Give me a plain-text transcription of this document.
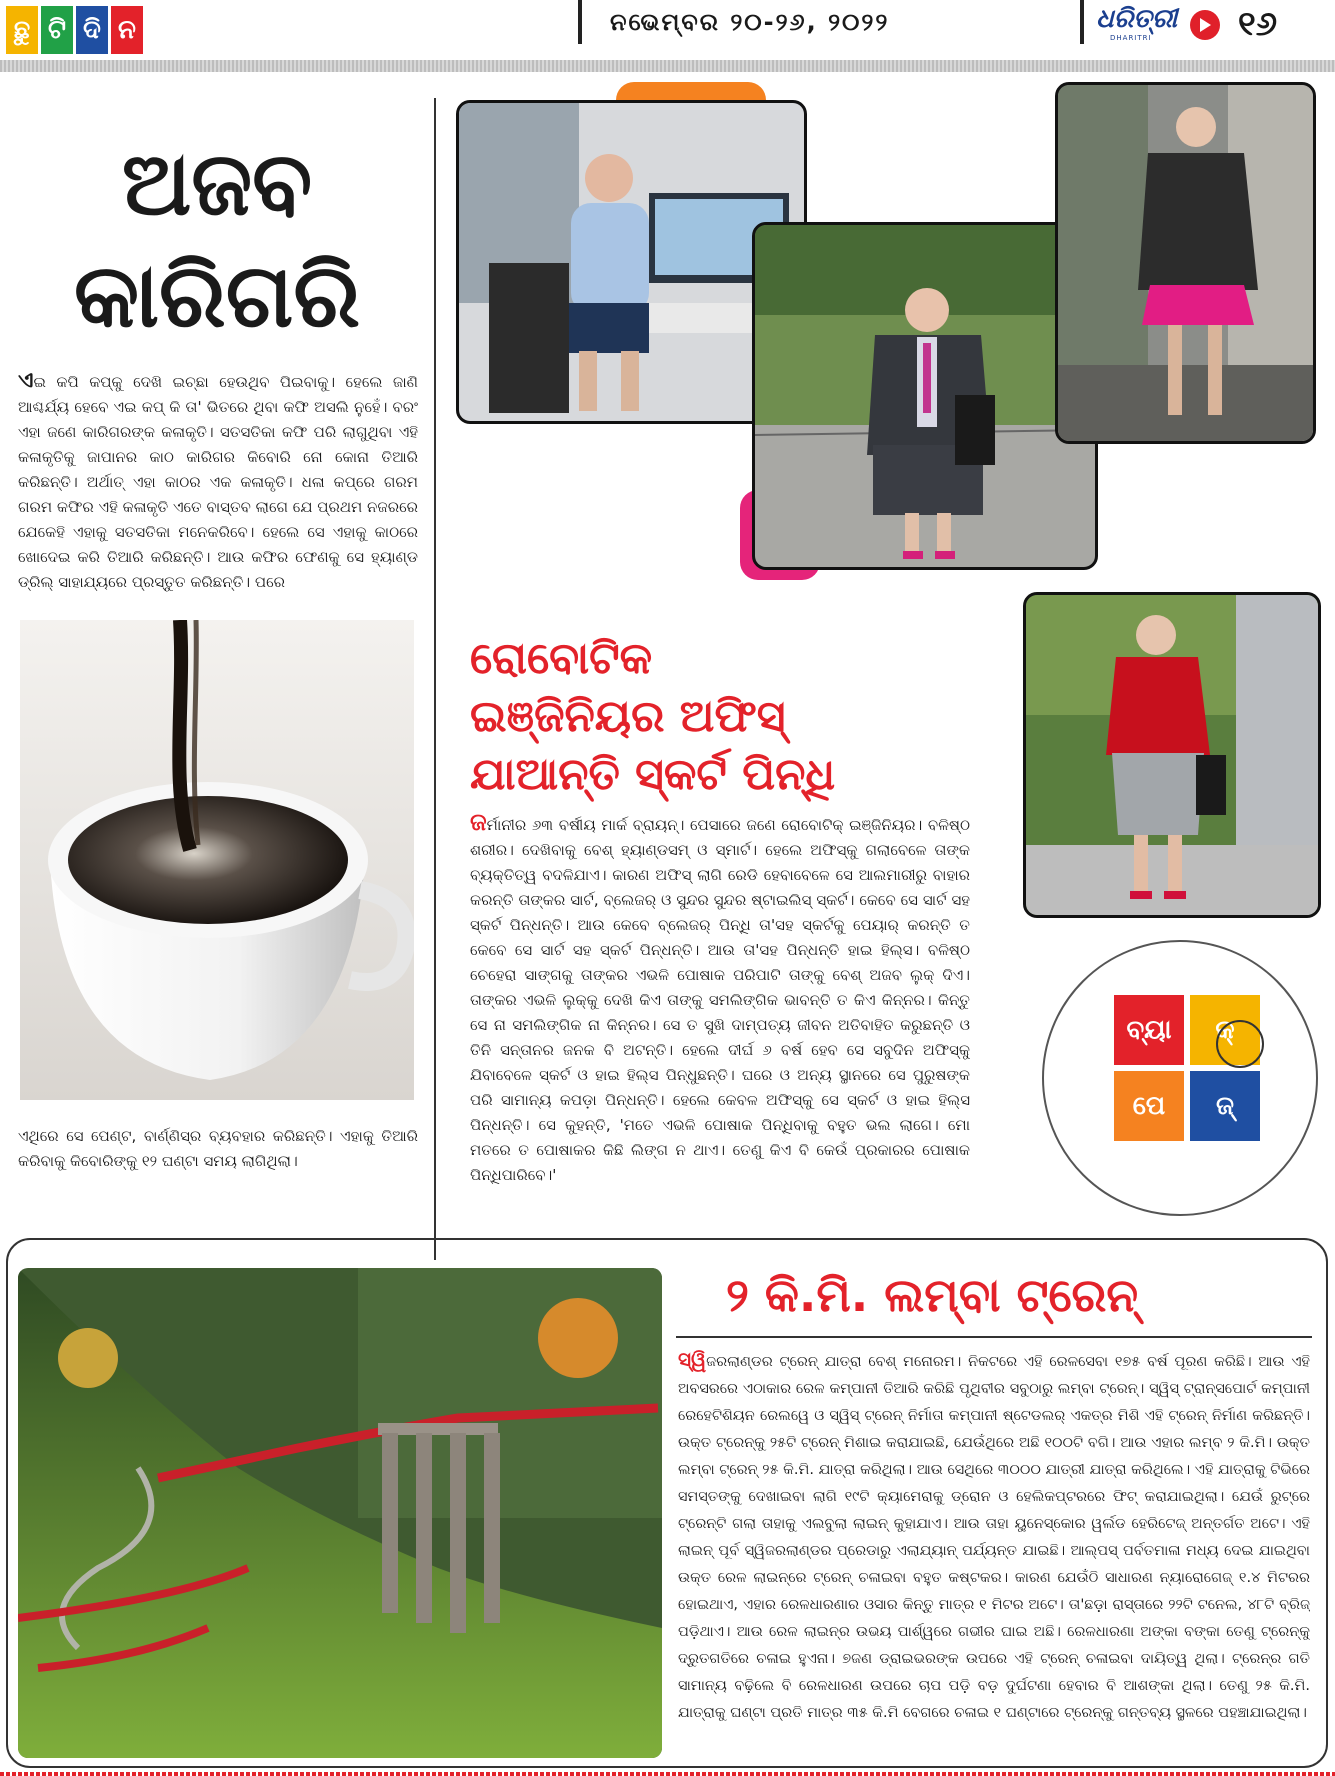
ଛୁ ଟି ଦି ନ	ନଭେମ୍ବର ୨୦-୨୬, ୨୦୨୨	ଧରିତ୍ରୀ
DHARITRI	୧୬
ଅଜବ
କାରିଗରି
ଏଇ କପି କପ୍‌କୁ ଦେଖି ଇଚ୍ଛା ହେଉଥିବ ପିଇବାକୁ। ହେଲେ ଜାଣି ଆଶ୍ଚର୍ଯ୍ୟ ହେବେ ଏଇ କପ୍ କି ତା' ଭିତରେ ଥିବା କଫି ଅସଲି ନୁହେଁ। ବରଂ ଏହା ଜଣେ କାରିଗରଙ୍କ କଳାକୃତି। ସତସତିକା କଫି ପରି ଲାଗୁଥିବା ଏହି କଳାକୃତିକୁ ଜାପାନର କାଠ କାରିଗର କିବୋରି ନୋ କୋନା ତିଆରି କରିଛନ୍ତି। ଅର୍ଥାତ୍ ଏହା କାଠର ଏକ କଳାକୃତି। ଧଳା କପ୍‌ରେ ଗରମ ଗରମ କଫିର ଏହି କଳାକୃତି ଏତେ ବାସ୍ତବ ଲାଗେ ଯେ ପ୍ରଥମ ନଜରରେ ଯେକେହି ଏହାକୁ ସତସତିକା ମନେକରିବେ। ହେଲେ ସେ ଏହାକୁ କାଠରେ ଖୋଦେଇ କରି ତିଆରି କରିଛନ୍ତି। ଆଉ କଫିର ଫେଣକୁ ସେ ହ୍ୟାଣ୍ଡ ଡ୍ରିଲ୍ ସାହାଯ୍ୟରେ ପ୍ରସ୍ତୁତ କରିଛନ୍ତି। ପରେ
ଏଥିରେ ସେ ପେଣ୍ଟ, ବାର୍ଣ୍ଣିସ୍‌ର ବ୍ୟବହାର କରିଛନ୍ତି। ଏହାକୁ ତିଆରି କରିବାକୁ କିବୋରିଙ୍କୁ ୧୨ ଘଣ୍ଟା ସମୟ ଲାଗିଥିଲା।
ରୋବୋଟିକ
ଇଞ୍ଜିନିୟର ଅଫିସ୍
ଯାଆନ୍ତି ସ୍କର୍ଟ ପିନ୍ଧି
ଜର୍ମାନୀର ୬୩ ବର୍ଷୀୟ ମାର୍କ ବ୍ରାୟନ୍। ପେସାରେ ଜଣେ ରୋବୋଟିକ୍ ଇଞ୍ଜିନିୟର। ବଳିଷ୍ଠ ଶରୀର। ଦେଖିବାକୁ ବେଶ୍ ହ୍ୟାଣ୍ଡସମ୍ ଓ ସ୍ମାର୍ଟ। ହେଲେ ଅଫିସ୍‌କୁ ଗଲାବେଳେ ତାଙ୍କ ବ୍ୟକ୍ତିତ୍ୱ ବଦଳିଯାଏ। କାରଣ ଅଫିସ୍ ଲାଗି ରେଡି ହେବାବେଳେ ସେ ଆଲମାରୀରୁ ବାହାର କରନ୍ତି ତାଙ୍କର ସାର୍ଟ, ବ୍ଲେଜର୍ ଓ ସୁନ୍ଦର ସୁନ୍ଦର ଷ୍ଟାଇଲିସ୍ ସ୍କର୍ଟ। କେବେ ସେ ସାର୍ଟ ସହ ସ୍କର୍ଟ ପିନ୍ଧନ୍ତି। ଆଉ କେବେ ବ୍ଲେଜର୍ ପିନ୍ଧି ତା'ସହ ସ୍କର୍ଟକୁ ପେୟାର୍ କରନ୍ତି ତ କେବେ ସେ ସାର୍ଟ ସହ ସ୍କର୍ଟ ପିନ୍ଧନ୍ତି। ଆଉ ତା'ସହ ପିନ୍ଧନ୍ତି ହାଇ ହିଲ୍ସ। ବଳିଷ୍ଠ ଚେହେରା ସାଙ୍ଗକୁ ତାଙ୍କର ଏଭଳି ପୋଷାକ ପରିପାଟି ତାଙ୍କୁ ବେଶ୍ ଅଜବ ଲୁକ୍ ଦିଏ। ତାଙ୍କର ଏଭଳି ଲୁକ୍‌କୁ ଦେଖି କିଏ ତାଙ୍କୁ ସମଲିଙ୍ଗିକ ଭାବନ୍ତି ତ କିଏ କିନ୍ନର। କିନ୍ତୁ ସେ ନା ସମଲିଙ୍ଗିକ ନା କିନ୍ନର। ସେ ତ ସୁଖି ଦାମ୍ପତ୍ୟ ଜୀବନ ଅତିବାହିତ କରୁଛନ୍ତି ଓ ତିନି ସନ୍ତାନର ଜନକ ବି ଅଟନ୍ତି। ହେଲେ ଦୀର୍ଘ ୬ ବର୍ଷ ହେବ ସେ ସବୁଦିନ ଅଫିସ୍‌କୁ ଯିବାବେଳେ ସ୍କର୍ଟ ଓ ହାଇ ହିଲ୍ସ ପିନ୍ଧୁଛନ୍ତି। ଘରେ ଓ ଅନ୍ୟ ସ୍ଥାନରେ ସେ ପୁରୁଷଙ୍କ ପରି ସାମାନ୍ୟ କପଡ଼ା ପିନ୍ଧନ୍ତି। ହେଲେ କେବଳ ଅଫିସ୍‌କୁ ସେ ସ୍କର୍ଟ ଓ ହାଇ ହିଲ୍ସ ପିନ୍ଧନ୍ତି। ସେ କୁହନ୍ତି, 'ମତେ ଏଭଳି ପୋଷାକ ପିନ୍ଧିବାକୁ ବହୁତ ଭଲ ଲାଗେ। ମୋ ମତରେ ତ ପୋଷାକର କିଛି ଲିଙ୍ଗ ନ ଥାଏ। ତେଣୁ କିଏ ବି କେଉଁ ପ୍ରକାରର ପୋଷାକ ପିନ୍ଧିପାରିବେ।'
ବ୍ୟା	କ୍
ପେ	ଜ୍
୨ କି.ମି. ଲମ୍ବା ଟ୍ରେନ୍
ସ୍ୱିଜରଲାଣ୍ଡର ଟ୍ରେନ୍ ଯାତ୍ରା ବେଶ୍ ମନୋରମ। ନିକଟରେ ଏହି ରେଳସେବା ୧୭୫ ବର୍ଷ ପୂରଣ କରିଛି। ଆଉ ଏହି ଅବସରରେ ଏଠାକାର ରେଳ କମ୍ପାନୀ ତିଆରି କରିଛି ପୃଥିବୀର ସବୁଠାରୁ ଲମ୍ବା ଟ୍ରେନ୍। ସ୍ୱିସ୍ ଟ୍ରାନ୍ସପୋର୍ଟ କମ୍ପାନୀ ରେହେଟିଶିୟନ ରେଲୱେ ଓ ସ୍ୱିସ୍ ଟ୍ରେନ୍ ନିର୍ମାତା କମ୍ପାନୀ ଷ୍ଟେଡଲର୍ ଏକତ୍ର ମିଶି ଏହି ଟ୍ରେନ୍ ନିର୍ମାଣ କରିଛନ୍ତି। ଉକ୍ତ ଟ୍ରେନ୍‌କୁ ୨୫ଟି ଟ୍ରେନ୍ ମିଶାଇ କରାଯାଇଛି, ଯେଉଁଥିରେ ଅଛି ୧୦୦ଟି ବଗି। ଆଉ ଏହାର ଲମ୍ବ ୨ କି.ମି। ଉକ୍ତ ଲମ୍ବା ଟ୍ରେନ୍ ୨୫ କି.ମି. ଯାତ୍ରା କରିଥିଲା। ଆଉ ସେଥିରେ ୩୦୦୦ ଯାତ୍ରୀ ଯାତ୍ରା କରିଥିଲେ। ଏହି ଯାତ୍ରାକୁ ଟିଭିରେ ସମସ୍ତଙ୍କୁ ଦେଖାଇବା ଲାଗି ୧୯ଟି କ୍ୟାମେରାକୁ ଡ୍ରୋନ ଓ ହେଲିକପ୍ଟରରେ ଫିଟ୍ କରାଯାଇଥିଲା। ଯେଉଁ ରୁଟ୍‌ରେ ଟ୍ରେନ୍‌ଟି ଗଲା ତାହାକୁ ଏଲବୁଲା ଲାଇନ୍ କୁହାଯାଏ। ଆଉ ତାହା ୟୁନେସ୍କୋର ୱର୍ଲଡ ହେରିଟେଜ୍ ଅନ୍ତର୍ଗତ ଅଟେ। ଏହି ଲାଇନ୍ ପୂର୍ବ ସ୍ୱିଜରଲାଣ୍ଡର ପ୍ରେଡାରୁ ଏଲାଯ୍ୟାନ୍ ପର୍ଯ୍ୟନ୍ତ ଯାଇଛି। ଆଲ୍ପସ୍ ପର୍ବତମାଳା ମଧ୍ୟ ଦେଇ ଯାଇଥିବା ଉକ୍ତ ରେଳ ଲାଇନ୍‌ରେ ଟ୍ରେନ୍ ଚଳାଇବା ବହୁତ କଷ୍ଟକର। କାରଣ ଯେଉଁଠି ସାଧାରଣ ନ୍ୟାରୋଗେଜ୍ ୧.୪ ମିଟରର ହୋଇଥାଏ, ଏହାର ରେଳଧାରଣାର ଓସାର କିନ୍ତୁ ମାତ୍ର ୧ ମିଟର ଅଟେ। ତା'ଛଡ଼ା ରାସ୍ତାରେ ୨୨ଟି ଟନେଲ, ୪୮ଟି ବ୍ରିଜ୍ ପଡ଼ିଥାଏ। ଆଉ ରେଳ ଲାଇନ୍‌ର ଉଭୟ ପାର୍ଶ୍ୱରେ ଗଭୀର ଘାଇ ଅଛି। ରେଳଧାରଣା ଅଙ୍କା ବଙ୍କା ତେଣୁ ଟ୍ରେନ୍‌କୁ ଦ୍ରୁତଗତିରେ ଚଳାଇ ହୁଏନା। ୭ଜଣ ଡ୍ରାଇଭରଙ୍କ ଉପରେ ଏହି ଟ୍ରେନ୍ ଚଳାଇବା ଦାୟିତ୍ୱ ଥିଲା। ଟ୍ରେନ୍‌ର ଗତି ସାମାନ୍ୟ ବଢ଼ିଲେ ବି ରେଳଧାରଣ ଉପରେ ଚାପ ପଡ଼ି ବଡ଼ ଦୁର୍ଘଟଣା ହେବାର ବି ଆଶଙ୍କା ଥିଲା। ତେଣୁ ୨୫ କି.ମି. ଯାତ୍ରାକୁ ଘଣ୍ଟା ପ୍ରତି ମାତ୍ର ୩୫ କି.ମି ବେଗରେ ଚଳାଇ ୧ ଘଣ୍ଟାରେ ଟ୍ରେନ୍‌କୁ ଗନ୍ତବ୍ୟ ସ୍ଥଳରେ ପହଞ୍ଚାଯାଇଥିଲା।
